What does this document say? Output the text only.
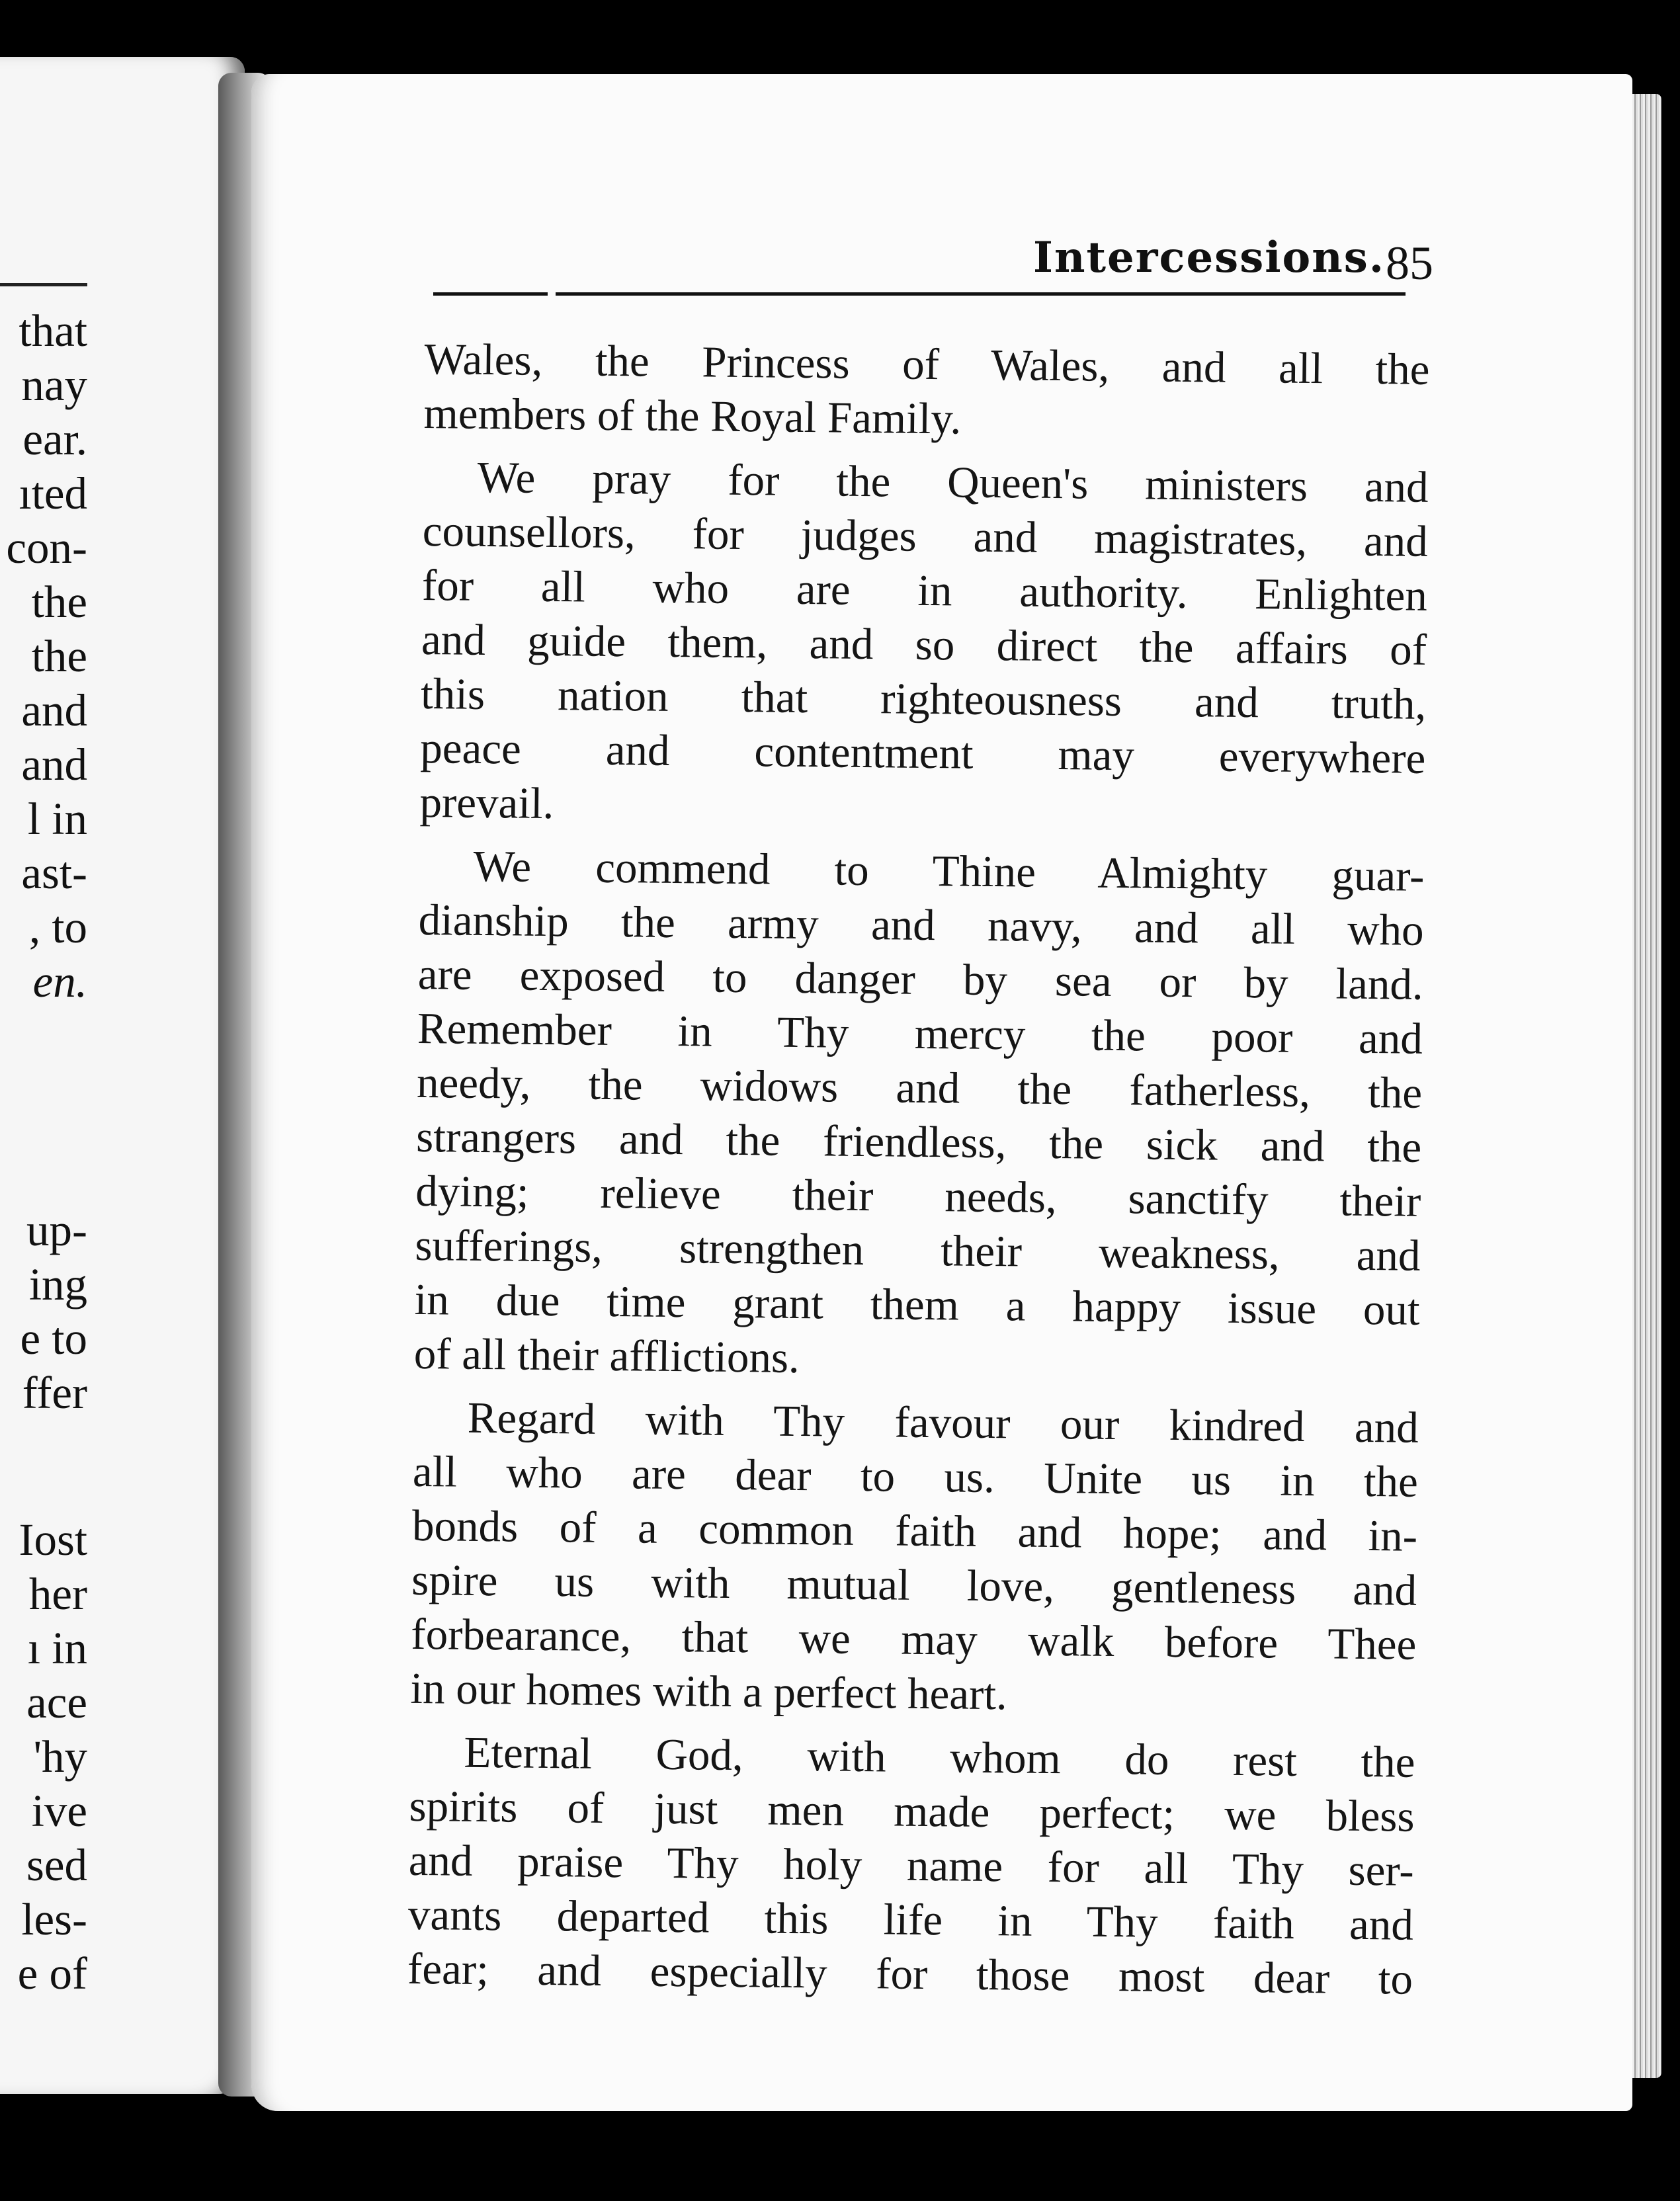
that
nay
ear.
ıted
con-
the
the
and
and
l in
ast-
, to
en.
up-
ing
e to
ffer
Iost
her
ı in
ace
'hy
ive
sed
les-
e of
Intercessions. 85
Wales, the Princess of Wales, and all the
members of the Royal Family.
We pray for the Queen's ministers and
counsellors, for judges and magistrates, and
for all who are in authority. Enlighten
and guide them, and so direct the affairs of
this nation that righteousness and truth,
peace and contentment may everywhere
prevail.
We commend to Thine Almighty guar-
dianship the army and navy, and all who
are exposed to danger by sea or by land.
Remember in Thy mercy the poor and
needy, the widows and the fatherless, the
strangers and the friendless, the sick and the
dying; relieve their needs, sanctify their
sufferings, strengthen their weakness, and
in due time grant them a happy issue out
of all their afflictions.
Regard with Thy favour our kindred and
all who are dear to us. Unite us in the
bonds of a common faith and hope; and in-
spire us with mutual love, gentleness and
forbearance, that we may walk before Thee
in our homes with a perfect heart.
Eternal God, with whom do rest the
spirits of just men made perfect; we bless
and praise Thy holy name for all Thy ser-
vants departed this life in Thy faith and
fear; and especially for those most dear to
